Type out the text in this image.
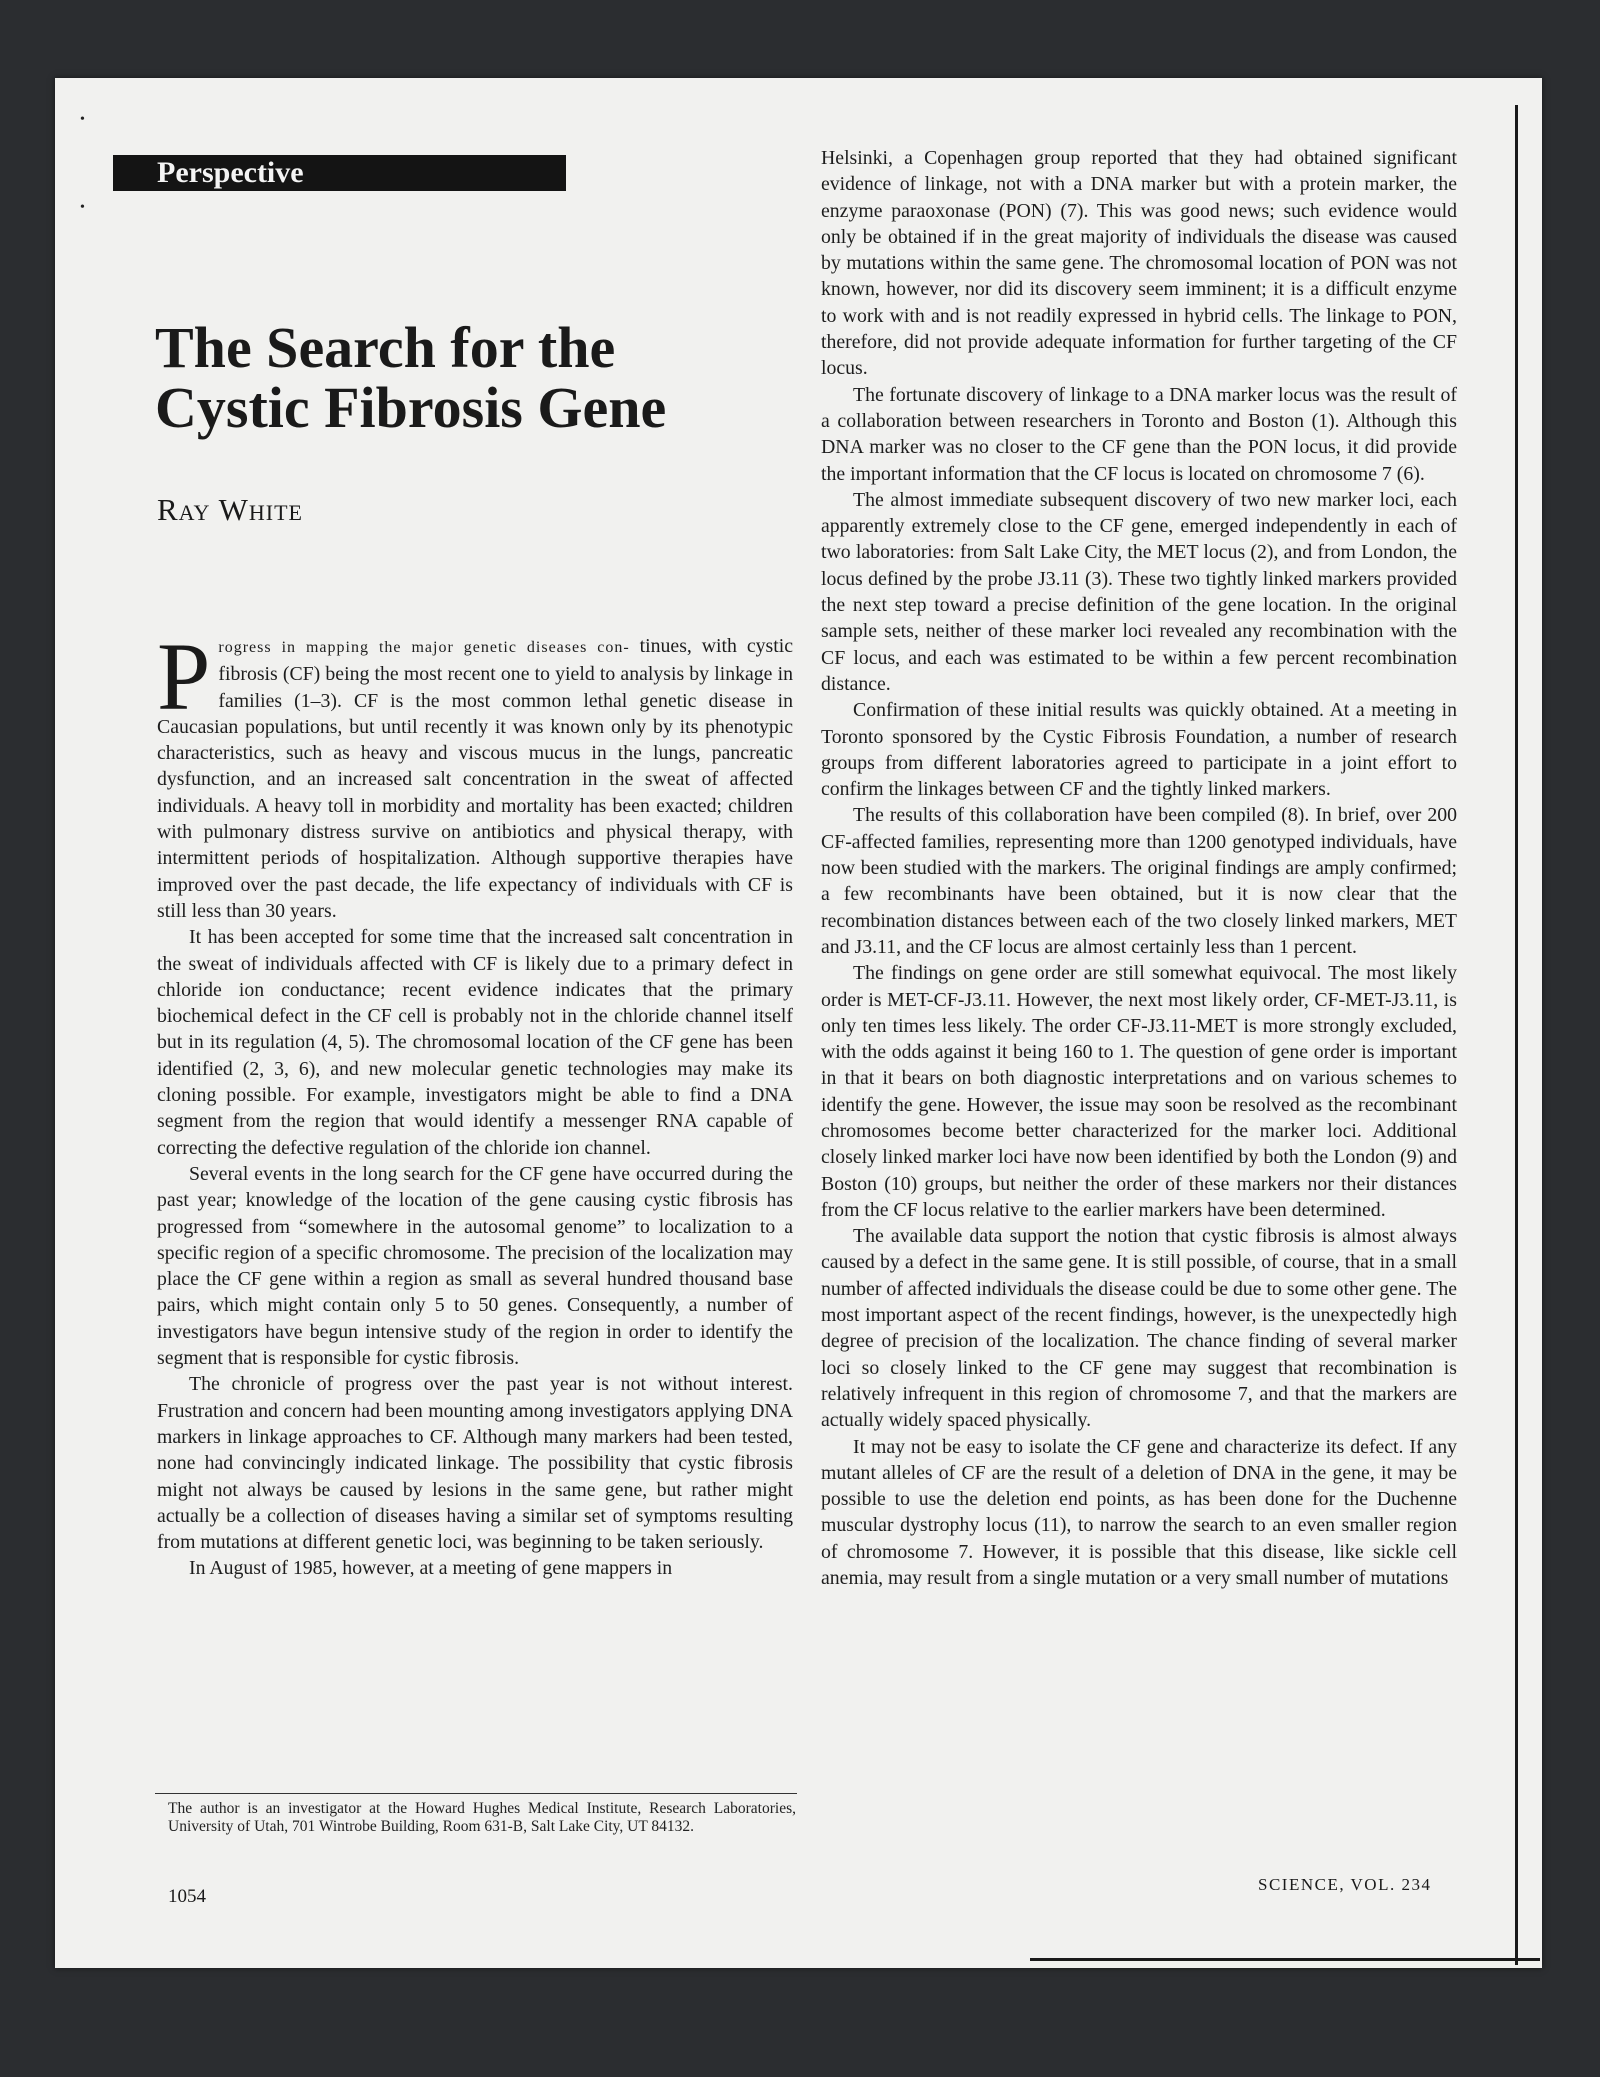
•
•
Perspective
The Search for the Cystic Fibrosis Gene
Ray White

Progress in mapping the major genetic diseases con- tinues, with cystic fibrosis (CF) being the most recent one to yield to analysis by linkage in families (1–3). CF is the most common lethal genetic disease in Caucasian populations, but until recently it was known only by its phenotypic characteristics, such as heavy and viscous mucus in the lungs, pancreatic dysfunction, and an increased salt concentration in the sweat of affected individuals. A heavy toll in morbidity and mortality has been exacted; children with pulmonary distress survive on antibiotics and physical therapy, with intermittent periods of hospitalization. Although supportive therapies have improved over the past decade, the life expectancy of individuals with CF is still less than 30 years.

It has been accepted for some time that the increased salt concentration in the sweat of individuals affected with CF is likely due to a primary defect in chloride ion conductance; recent evidence indicates that the primary biochemical defect in the CF cell is probably not in the chloride channel itself but in its regulation (4, 5). The chromosomal location of the CF gene has been identified (2, 3, 6), and new molecular genetic technologies may make its cloning possible. For example, investigators might be able to find a DNA segment from the region that would identify a messenger RNA capable of correcting the defective regulation of the chloride ion channel.

Several events in the long search for the CF gene have occurred during the past year; knowledge of the location of the gene causing cystic fibrosis has progressed from “somewhere in the autosomal genome” to localization to a specific region of a specific chromosome. The precision of the localization may place the CF gene within a region as small as several hundred thousand base pairs, which might contain only 5 to 50 genes. Consequently, a number of investigators have begun intensive study of the region in order to identify the segment that is responsible for cystic fibrosis.

The chronicle of progress over the past year is not without interest. Frustration and concern had been mounting among investigators applying DNA markers in linkage approaches to CF. Although many markers had been tested, none had convincingly indicated linkage. The possibility that cystic fibrosis might not always be caused by lesions in the same gene, but rather might actually be a collection of diseases having a similar set of symptoms resulting from mutations at different genetic loci, was beginning to be taken seriously.

In August of 1985, however, at a meeting of gene mappers in

The author is an investigator at the Howard Hughes Medical Institute, Research Laboratories, University of Utah, 701 Wintrobe Building, Room 631-B, Salt Lake City, UT 84132.
1054

Helsinki, a Copenhagen group reported that they had obtained significant evidence of linkage, not with a DNA marker but with a protein marker, the enzyme paraoxonase (PON) (7). This was good news; such evidence would only be obtained if in the great majority of individuals the disease was caused by mutations within the same gene. The chromosomal location of PON was not known, however, nor did its discovery seem imminent; it is a difficult enzyme to work with and is not readily expressed in hybrid cells. The linkage to PON, therefore, did not provide adequate information for further targeting of the CF locus.

The fortunate discovery of linkage to a DNA marker locus was the result of a collaboration between researchers in Toronto and Boston (1). Although this DNA marker was no closer to the CF gene than the PON locus, it did provide the important information that the CF locus is located on chromosome 7 (6).

The almost immediate subsequent discovery of two new marker loci, each apparently extremely close to the CF gene, emerged independently in each of two laboratories: from Salt Lake City, the MET locus (2), and from London, the locus defined by the probe J3.11 (3). These two tightly linked markers provided the next step toward a precise definition of the gene location. In the original sample sets, neither of these marker loci revealed any recombination with the CF locus, and each was estimated to be within a few percent recombination distance.

Confirmation of these initial results was quickly obtained. At a meeting in Toronto sponsored by the Cystic Fibrosis Foundation, a number of research groups from different laboratories agreed to participate in a joint effort to confirm the linkages between CF and the tightly linked markers.

The results of this collaboration have been compiled (8). In brief, over 200 CF-affected families, representing more than 1200 genotyped individuals, have now been studied with the markers. The original findings are amply confirmed; a few recombinants have been obtained, but it is now clear that the recombination distances between each of the two closely linked markers, MET and J3.11, and the CF locus are almost certainly less than 1 percent.

The findings on gene order are still somewhat equivocal. The most likely order is MET-CF-J3.11. However, the next most likely order, CF-MET-J3.11, is only ten times less likely. The order CF-J3.11-MET is more strongly excluded, with the odds against it being 160 to 1. The question of gene order is important in that it bears on both diagnostic interpretations and on various schemes to identify the gene. However, the issue may soon be resolved as the recombinant chromosomes become better characterized for the marker loci. Additional closely linked marker loci have now been identified by both the London (9) and Boston (10) groups, but neither the order of these markers nor their distances from the CF locus relative to the earlier markers have been determined.

The available data support the notion that cystic fibrosis is almost always caused by a defect in the same gene. It is still possible, of course, that in a small number of affected individuals the disease could be due to some other gene. The most important aspect of the recent findings, however, is the unexpectedly high degree of precision of the localization. The chance finding of several marker loci so closely linked to the CF gene may suggest that recombination is relatively infrequent in this region of chromosome 7, and that the markers are actually widely spaced physically.

It may not be easy to isolate the CF gene and characterize its defect. If any mutant alleles of CF are the result of a deletion of DNA in the gene, it may be possible to use the deletion end points, as has been done for the Duchenne muscular dystrophy locus (11), to narrow the search to an even smaller region of chromosome 7. However, it is possible that this disease, like sickle cell anemia, may result from a single mutation or a very small number of mutations

SCIENCE, VOL. 234
